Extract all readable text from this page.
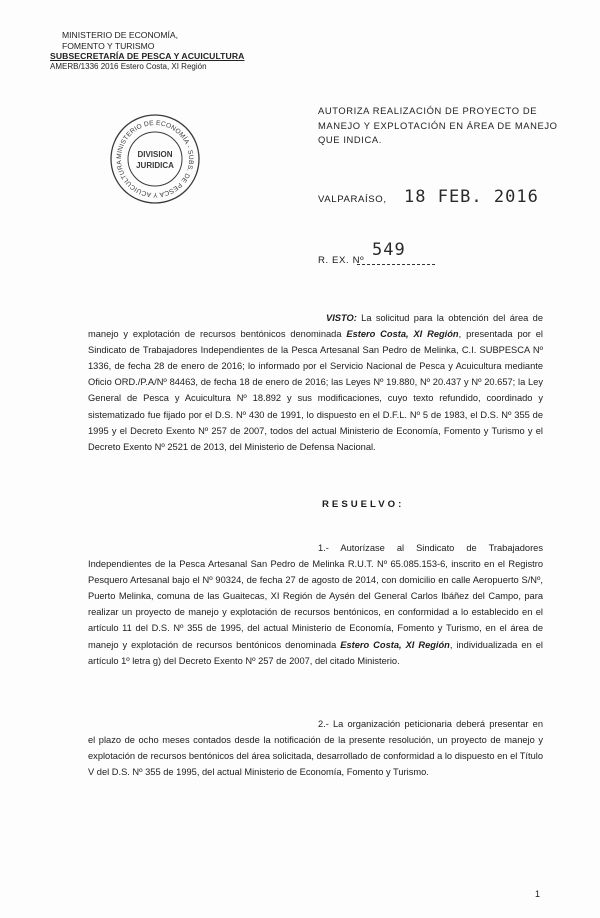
MINISTERIO DE ECONOMÍA,
FOMENTO Y TURISMO
SUBSECRETARÍA DE PESCA Y ACUICULTURA
AMERB/1336 2016 Estero Costa, XI Región
MINISTERIO DE ECONOMÍA - SUBS. DE PESCA Y ACUICULTURA
DIVISION
JURIDICA
AUTORIZA REALIZACIÓN DE PROYECTO DE MANEJO Y EXPLOTACIÓN EN ÁREA DE MANEJO QUE INDICA.
VALPARAÍSO, 18 FEB. 2016
R. EX. Nº
549
VISTO: La solicitud para la obtención del área de manejo y explotación de recursos bentónicos denominada Estero Costa, XI Región, presentada por el Sindicato de Trabajadores Independientes de la Pesca Artesanal San Pedro de Melinka, C.I. SUBPESCA Nº 1336, de fecha 28 de enero de 2016; lo informado por el Servicio Nacional de Pesca y Acuicultura mediante Oficio ORD./P.A/Nº 84463, de fecha 18 de enero de 2016; las Leyes Nº 19.880, Nº 20.437 y Nº 20.657; la Ley General de Pesca y Acuicultura Nº 18.892 y sus modificaciones, cuyo texto refundido, coordinado y sistematizado fue fijado por el D.S. Nº 430 de 1991, lo dispuesto en el D.F.L. Nº 5 de 1983, el D.S. Nº 355 de 1995 y el Decreto Exento Nº 257 de 2007, todos del actual Ministerio de Economía, Fomento y Turismo y el Decreto Exento Nº 2521 de 2013, del Ministerio de Defensa Nacional.
RESUELVO:
1.- Autorízase al Sindicato de Trabajadores Independientes de la Pesca Artesanal San Pedro de Melinka R.U.T. Nº 65.085.153-6, inscrito en el Registro Pesquero Artesanal bajo el Nº 90324, de fecha 27 de agosto de 2014, con domicilio en calle Aeropuerto S/Nº, Puerto Melinka, comuna de las Guaitecas, XI Región de Aysén del General Carlos Ibáñez del Campo, para realizar un proyecto de manejo y explotación de recursos bentónicos, en conformidad a lo establecido en el artículo 11 del D.S. Nº 355 de 1995, del actual Ministerio de Economía, Fomento y Turismo, en el área de manejo y explotación de recursos bentónicos denominada Estero Costa, XI Región, individualizada en el artículo 1º letra g) del Decreto Exento Nº 257 de 2007, del citado Ministerio.
2.- La organización peticionaria deberá presentar en el plazo de ocho meses contados desde la notificación de la presente resolución, un proyecto de manejo y explotación de recursos bentónicos del área solicitada, desarrollado de conformidad a lo dispuesto en el Título V del D.S. Nº 355 de 1995, del actual Ministerio de Economía, Fomento y Turismo.
1
